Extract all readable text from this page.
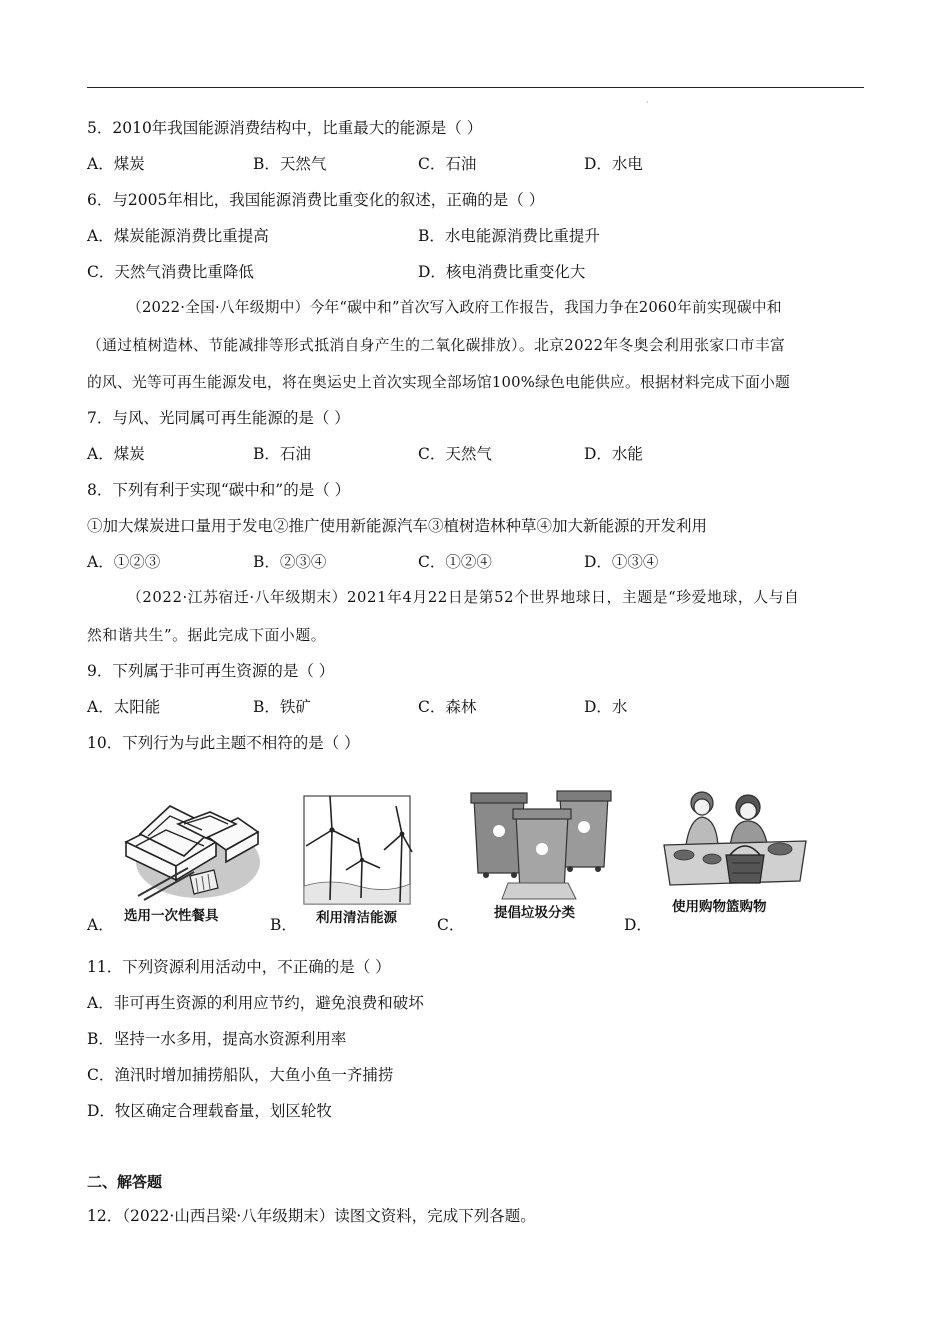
·
5．2010年我国能源消费结构中，比重最大的能源是（ ）
A．煤炭	B．天然气	C．石油	D．水电
6．与2005年相比，我国能源消费比重变化的叙述，正确的是（ ）
A．煤炭能源消费比重提高	B．水电能源消费比重提升
C．天然气消费比重降低	D．核电消费比重变化大
（2022·全国·八年级期中）今年“碳中和”首次写入政府工作报告，我国力争在2060年前实现碳中和
（通过植树造林、节能减排等形式抵消自身产生的二氧化碳排放）。北京2022年冬奥会利用张家口市丰富
的风、光等可再生能源发电，将在奥运史上首次实现全部场馆100%绿色电能供应。根据材料完成下面小题
7．与风、光同属可再生能源的是（ ）
A．煤炭	B．石油	C．天然气	D．水能
8．下列有利于实现“碳中和”的是（ ）
①加大煤炭进口量用于发电②推广使用新能源汽车③植树造林种草④加大新能源的开发利用
A．①②③	B．②③④	C．①②④	D．①③④
（2022·江苏宿迁·八年级期末）2021年4月22日是第52个世界地球日，主题是“珍爱地球，人与自
然和谐共生”。据此完成下面小题。
9．下列属于非可再生资源的是（ ）
A．太阳能	B．铁矿	C．森林	D．水
10．下列行为与此主题不相符的是（ ）
选用一次性餐具
A．	利用清洁能源
B．
提倡垃圾分类
C．
使用购物篮购物
D．
11．下列资源利用活动中，不正确的是（ ）
A．非可再生资源的利用应节约，避免浪费和破坏
B．坚持一水多用，提高水资源利用率
C．渔汛时增加捕捞船队，大鱼小鱼一齐捕捞
D．牧区确定合理载畜量，划区轮牧
二、解答题
12．（2022·山西吕梁·八年级期末）读图文资料，完成下列各题。
